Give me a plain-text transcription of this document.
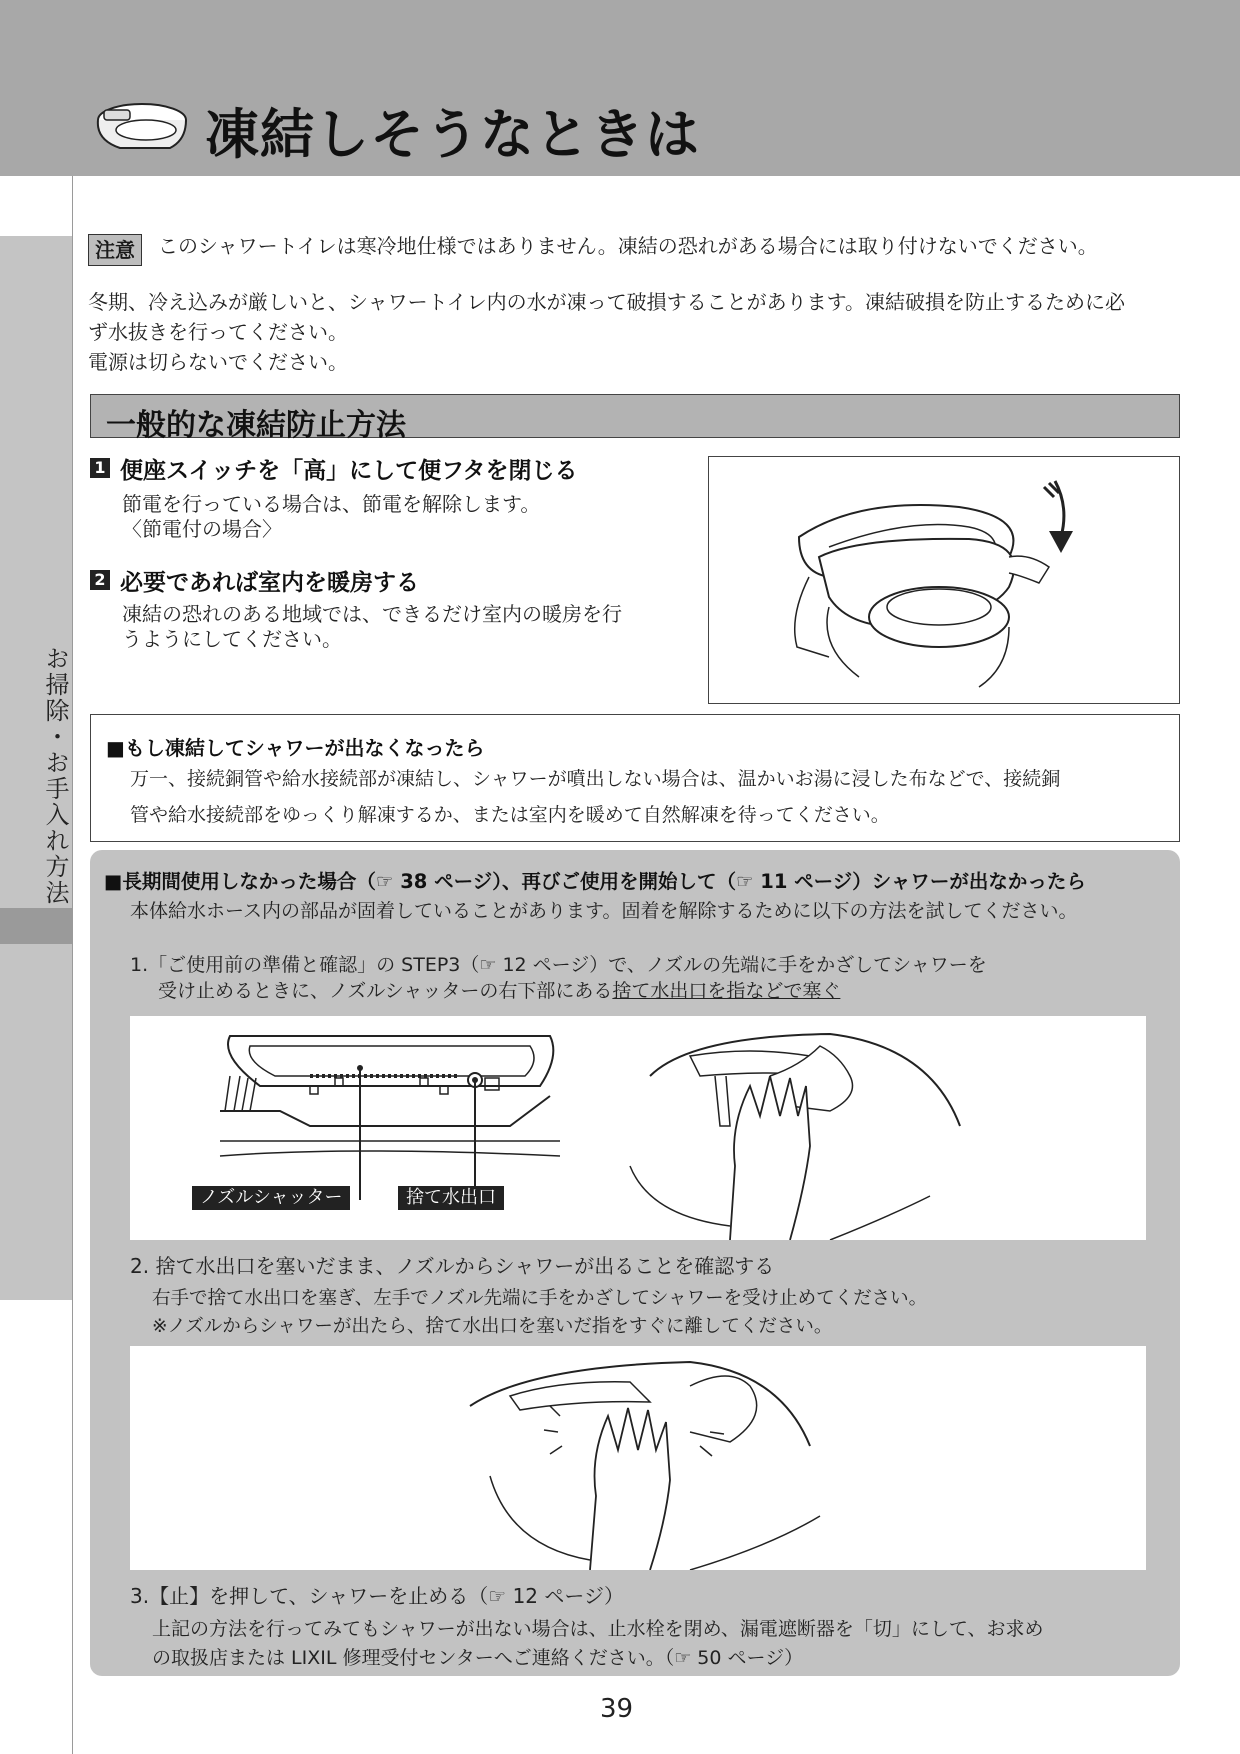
凍結しそうなときは
お掃除・お手入れ方法
注意	このシャワートイレは寒冷地仕様ではありません。凍結の恐れがある場合には取り付けないでください。
冬期、冷え込みが厳しいと、シャワートイレ内の水が凍って破損することがあります。凍結破損を防止するために必
ず水抜きを行ってください。
電源は切らないでください。
一般的な凍結防止方法
1 便座スイッチを「高」にして便フタを閉じる
節電を行っている場合は、節電を解除します。
〈節電付の場合〉
2 必要であれば室内を暖房する
凍結の恐れのある地域では、できるだけ室内の暖房を行
うようにしてください。
■もし凍結してシャワーが出なくなったら
万一、接続銅管や給水接続部が凍結し、シャワーが噴出しない場合は、温かいお湯に浸した布などで、接続銅
管や給水接続部をゆっくり解凍するか、または室内を暖めて自然解凍を待ってください。
■長期間使用しなかった場合（☞ 38 ページ）、再びご使用を開始して（☞ 11 ページ）シャワーが出なかったら
本体給水ホース内の部品が固着していることがあります。固着を解除するために以下の方法を試してください。
1.「ご使用前の準備と確認」の STEP3（☞ 12 ページ）で、ノズルの先端に手をかざしてシャワーを
受け止めるときに、ノズルシャッターの右下部にある捨て水出口を指などで塞ぐ
ノズルシャッター	捨て水出口
2. 捨て水出口を塞いだまま、ノズルからシャワーが出ることを確認する
右手で捨て水出口を塞ぎ、左手でノズル先端に手をかざしてシャワーを受け止めてください。
※ノズルからシャワーが出たら、捨て水出口を塞いだ指をすぐに離してください。
3.【止】を押して、シャワーを止める（☞ 12 ページ）
上記の方法を行ってみてもシャワーが出ない場合は、止水栓を閉め、漏電遮断器を「切」にして、お求め
の取扱店または LIXIL 修理受付センターへご連絡ください。（☞ 50 ページ）
39
